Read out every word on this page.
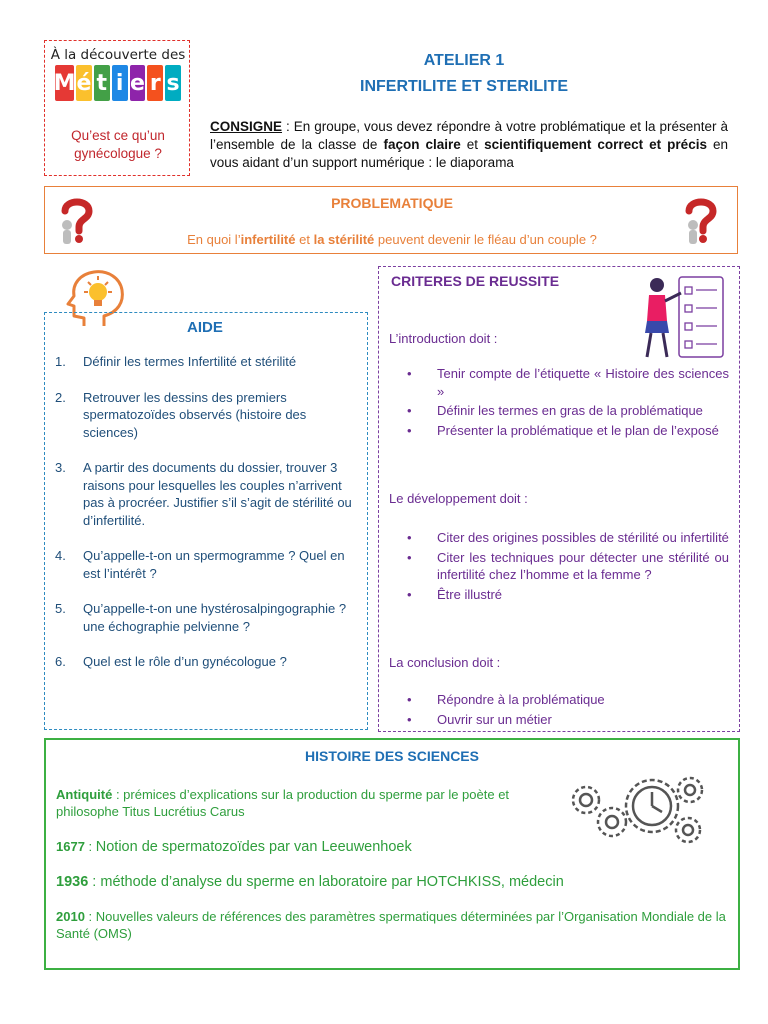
À la découverte des
M é t i e r s
Qu’est ce qu’un gynécologue ?
ATELIER 1
INFERTILITE ET STERILITE
CONSIGNE : En groupe, vous devez répondre à votre problématique et la présenter à l’ensemble de la classe de façon claire et scientifiquement correct et précis en vous aidant d’un support numérique : le diaporama
PROBLEMATIQUE
En quoi l’infertilité et la stérilité peuvent devenir le fléau d’un couple ?
AIDE
1.	Définir les termes Infertilité et stérilité
2.	Retrouver les dessins des premiers spermatozoïdes observés (histoire des sciences)
3.	A partir des documents du dossier, trouver 3 raisons pour lesquelles les couples n’arrivent pas à procréer. Justifier s’il s’agit de stérilité ou d’infertilité.
4.	Qu’appelle-t-on un spermogramme ? Quel en est l’intérêt ?
5.	Qu’appelle-t-on une hystérosalpingographie ? une échographie pelvienne ?
6.	Quel est le rôle d’un gynécologue ?
CRITERES DE REUSSITE
L’introduction doit :
•	Tenir compte de l’étiquette « Histoire des sciences »
•	Définir les termes en gras de la problématique
•	Présenter la problématique et le plan de l’exposé
Le développement doit :
•	Citer des origines possibles de stérilité ou infertilité
•	Citer les techniques pour détecter une stérilité ou infertilité chez l’homme et la femme ?
•	Être illustré
La conclusion doit :
•	Répondre à la problématique
•	Ouvrir sur un métier
HISTOIRE DES SCIENCES
Antiquité : prémices d’explications sur la production du sperme par le poète et philosophe Titus Lucrétius Carus
1677 : Notion de spermatozoïdes par van Leeuwenhoek
1936 : méthode d’analyse du sperme en laboratoire par HOTCHKISS, médecin
2010 : Nouvelles valeurs de références des paramètres spermatiques déterminées par l’Organisation Mondiale de la Santé (OMS)
